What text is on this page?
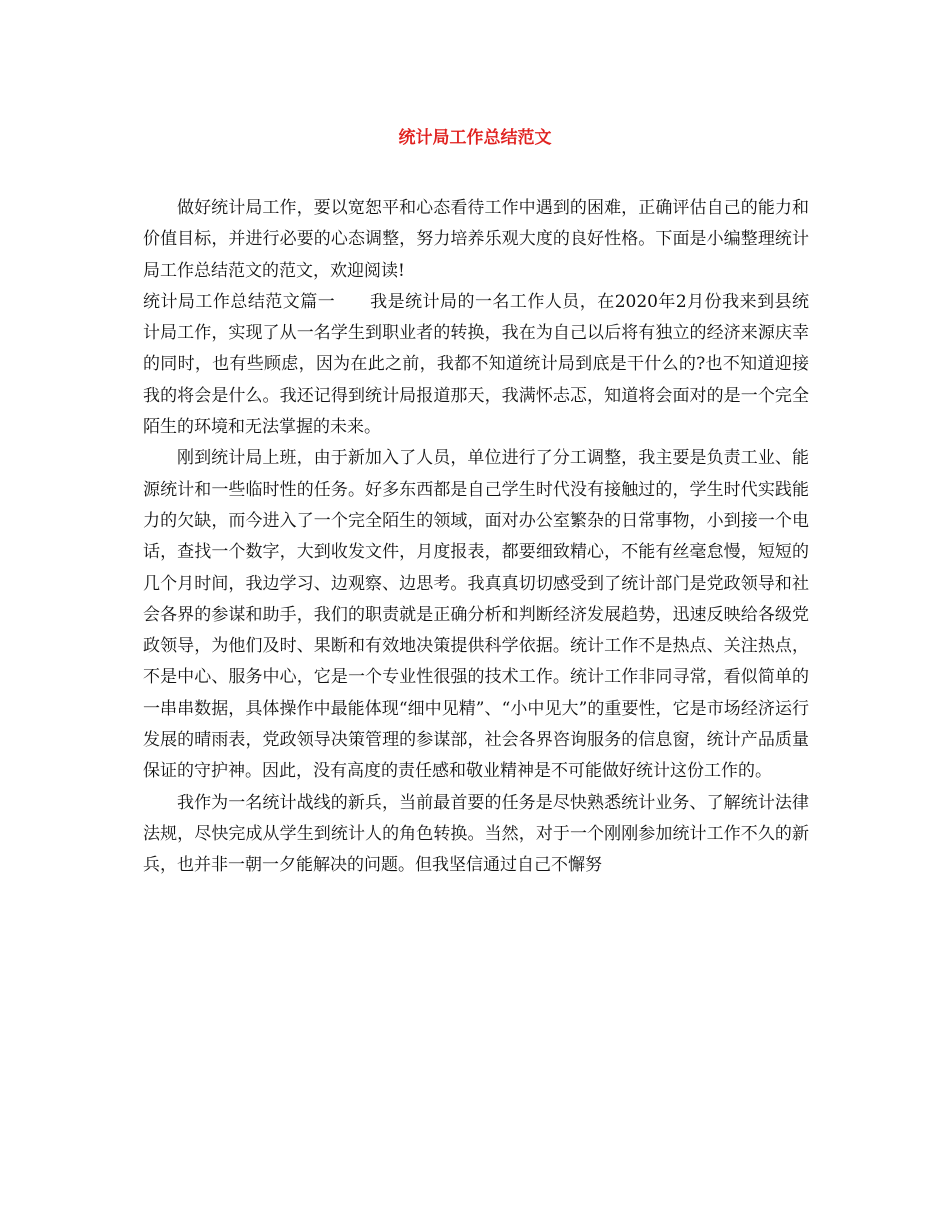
统计局工作总结范文

做好统计局工作，要以宽恕平和心态看待工作中遇到的困难，正确评估自己的能力和价值目标，并进行必要的心态调整，努力培养乐观大度的良好性格。下面是小编整理统计局工作总结范文的范文，欢迎阅读!

统计局工作总结范文篇一　　 我是统计局的一名工作人员，在2020年2月份我来到县统计局工作，实现了从一名学生到职业者的转换，我在为自己以后将有独立的经济来源庆幸的同时，也有些顾虑，因为在此之前，我都不知道统计局到底是干什么的?也不知道迎接我的将会是什么。我还记得到统计局报道那天，我满怀忐忑，知道将会面对的是一个完全陌生的环境和无法掌握的未来。

刚到统计局上班，由于新加入了人员，单位进行了分工调整，我主要是负责工业、能源统计和一些临时性的任务。好多东西都是自己学生时代没有接触过的，学生时代实践能力的欠缺，而今进入了一个完全陌生的领域，面对办公室繁杂的日常事物，小到接一个电话，查找一个数字，大到收发文件，月度报表，都要细致精心，不能有丝毫怠慢，短短的几个月时间，我边学习、边观察、边思考。我真真切切感受到了统计部门是党政领导和社会各界的参谋和助手，我们的职责就是正确分析和判断经济发展趋势，迅速反映给各级党政领导，为他们及时、果断和有效地决策提供科学依据。统计工作不是热点、关注热点，不是中心、服务中心，它是一个专业性很强的技术工作。统计工作非同寻常，看似简单的一串串数据，具体操作中最能体现“细中见精”、“小中见大”的重要性，它是市场经济运行发展的晴雨表，党政领导决策管理的参谋部，社会各界咨询服务的信息窗，统计产品质量保证的守护神。因此，没有高度的责任感和敬业精神是不可能做好统计这份工作的。

我作为一名统计战线的新兵，当前最首要的任务是尽快熟悉统计业务、了解统计法律法规，尽快完成从学生到统计人的角色转换。当然，对于一个刚刚参加统计工作不久的新兵，也并非一朝一夕能解决的问题。但我坚信通过自己不懈努
